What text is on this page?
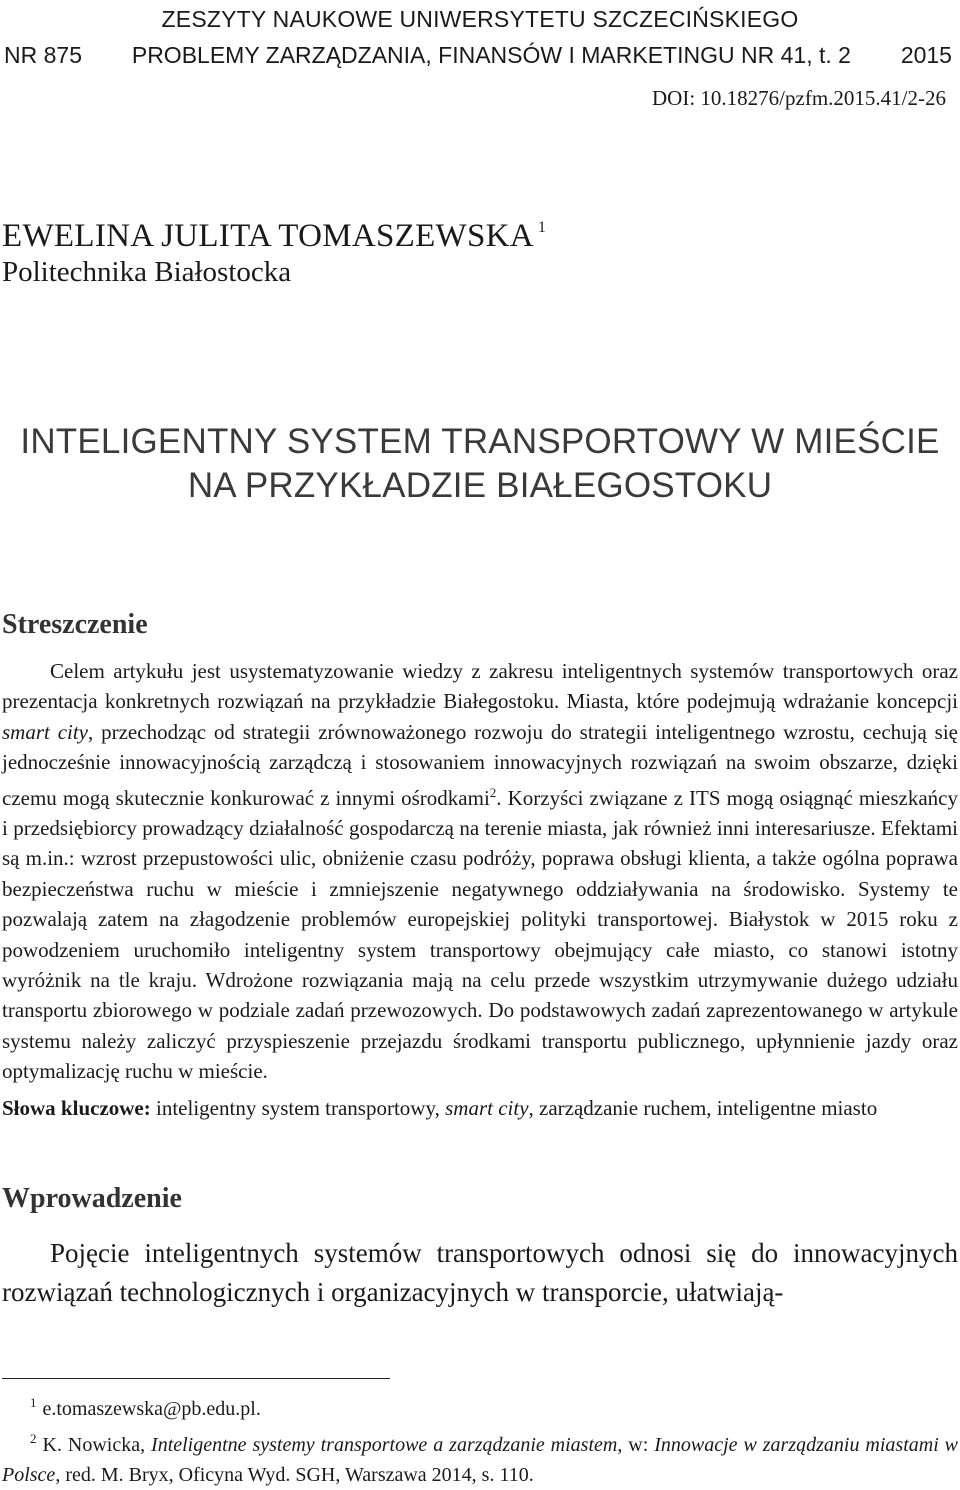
ZESZYTY NAUKOWE UNIWERSYTETU SZCZECIŃSKIEGO
NR 875 PROBLEMY ZARZĄDZANIA, FINANSÓW I MARKETINGU NR 41, t. 2 2015
DOI: 10.18276/pzfm.2015.41/2-26
EWELINA JULITA TOMASZEWSKA $^1$
Politechnika Białostocka
INTELIGENTNY SYSTEM TRANSPORTOWY W MIEŚCIE
NA PRZYKŁADZIE BIAŁEGOSTOKU
Streszczenie
Celem artykułu jest usystematyzowanie wiedzy z zakresu inteligentnych systemów transportowych oraz prezentacja konkretnych rozwiązań na przykładzie Białegostoku. Miasta, które podejmują wdrażanie koncepcji smart city, przechodząc od strategii zrównoważonego rozwoju do strategii inteligentnego wzrostu, cechują się jednocześnie innowacyjnością zarządczą i stosowaniem innowacyjnych rozwiązań na swoim obszarze, dzięki czemu mogą skutecznie konkurować z innymi ośrodkami$^2$. Korzyści związane z ITS mogą osiągnąć mieszkańcy i przedsiębiorcy prowadzący działalność gospodarczą na terenie miasta, jak również inni interesariusze. Efektami są m.in.: wzrost przepustowości ulic, obniżenie czasu podróży, poprawa obsługi klienta, a także ogólna poprawa bezpieczeństwa ruchu w mieście i zmniejszenie negatywnego oddziaływania na środowisko. Systemy te pozwalają zatem na złagodzenie problemów europejskiej polityki transportowej. Białystok w 2015 roku z powodzeniem uruchomiło inteligentny system transportowy obejmujący całe miasto, co stanowi istotny wyróżnik na tle kraju. Wdrożone rozwiązania mają na celu przede wszystkim utrzymywanie dużego udziału transportu zbiorowego w podziale zadań przewozowych. Do podstawowych zadań zaprezentowanego w artykule systemu należy zaliczyć przyspieszenie przejazdu środkami transportu publicznego, upłynnienie jazdy oraz optymalizację ruchu w mieście.
Słowa kluczowe: inteligentny system transportowy, smart city, zarządzanie ruchem, inteligentne miasto
Wprowadzenie
Pojęcie inteligentnych systemów transportowych odnosi się do innowacyjnych rozwiązań technologicznych i organizacyjnych w transporcie, ułatwiają-
$^1$ e.tomaszewska@pb.edu.pl.
$^2$ K. Nowicka, Inteligentne systemy transportowe a zarządzanie miastem, w: Innowacje w zarządzaniu miastami w Polsce, red. M. Bryx, Oficyna Wyd. SGH, Warszawa 2014, s. 110.
